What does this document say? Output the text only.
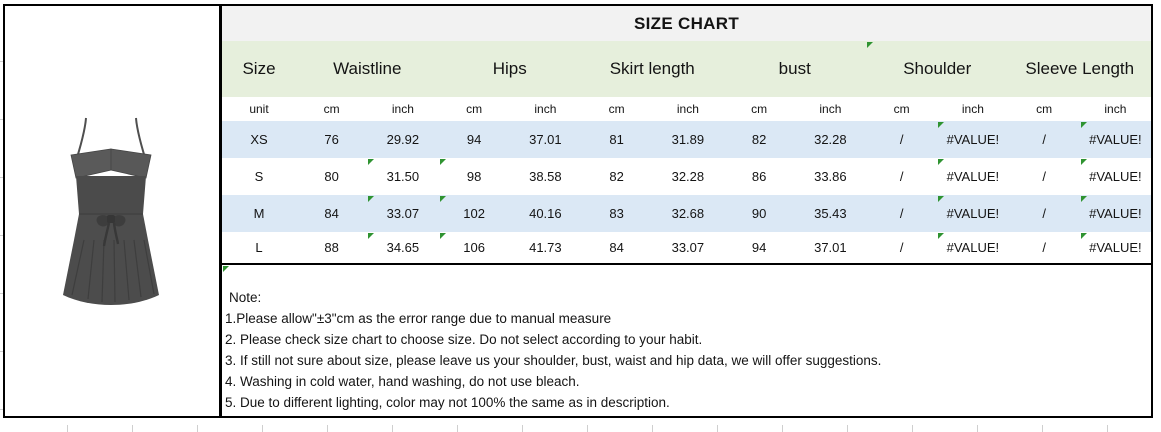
SIZE CHART
Size	Waistline	Hips	Skirt length	bust	Shoulder	Sleeve Length
unit	cm	inch	cm	inch	cm	inch	cm	inch	cm	inch	cm	inch
XS	76	29.92	94	37.01	81	31.89	82	32.28	/	#VALUE!	/	#VALUE!
S	80	31.50	98	38.58	82	32.28	86	33.86	/	#VALUE!	/	#VALUE!
M	84	33.07	102	40.16	83	32.68	90	35.43	/	#VALUE!	/	#VALUE!
L	88	34.65	106	41.73	84	33.07	94	37.01	/	#VALUE!	/	#VALUE!
Note:
1.Please allow"±3"cm as the error range due to manual measure
2. Please check size chart to choose size. Do not select according to your habit.
3. If still not sure about size, please leave us your shoulder, bust, waist and hip data, we will offer suggestions.
4. Washing in cold water, hand washing, do not use bleach.
5. Due to different lighting, color may not 100% the same as in description.
